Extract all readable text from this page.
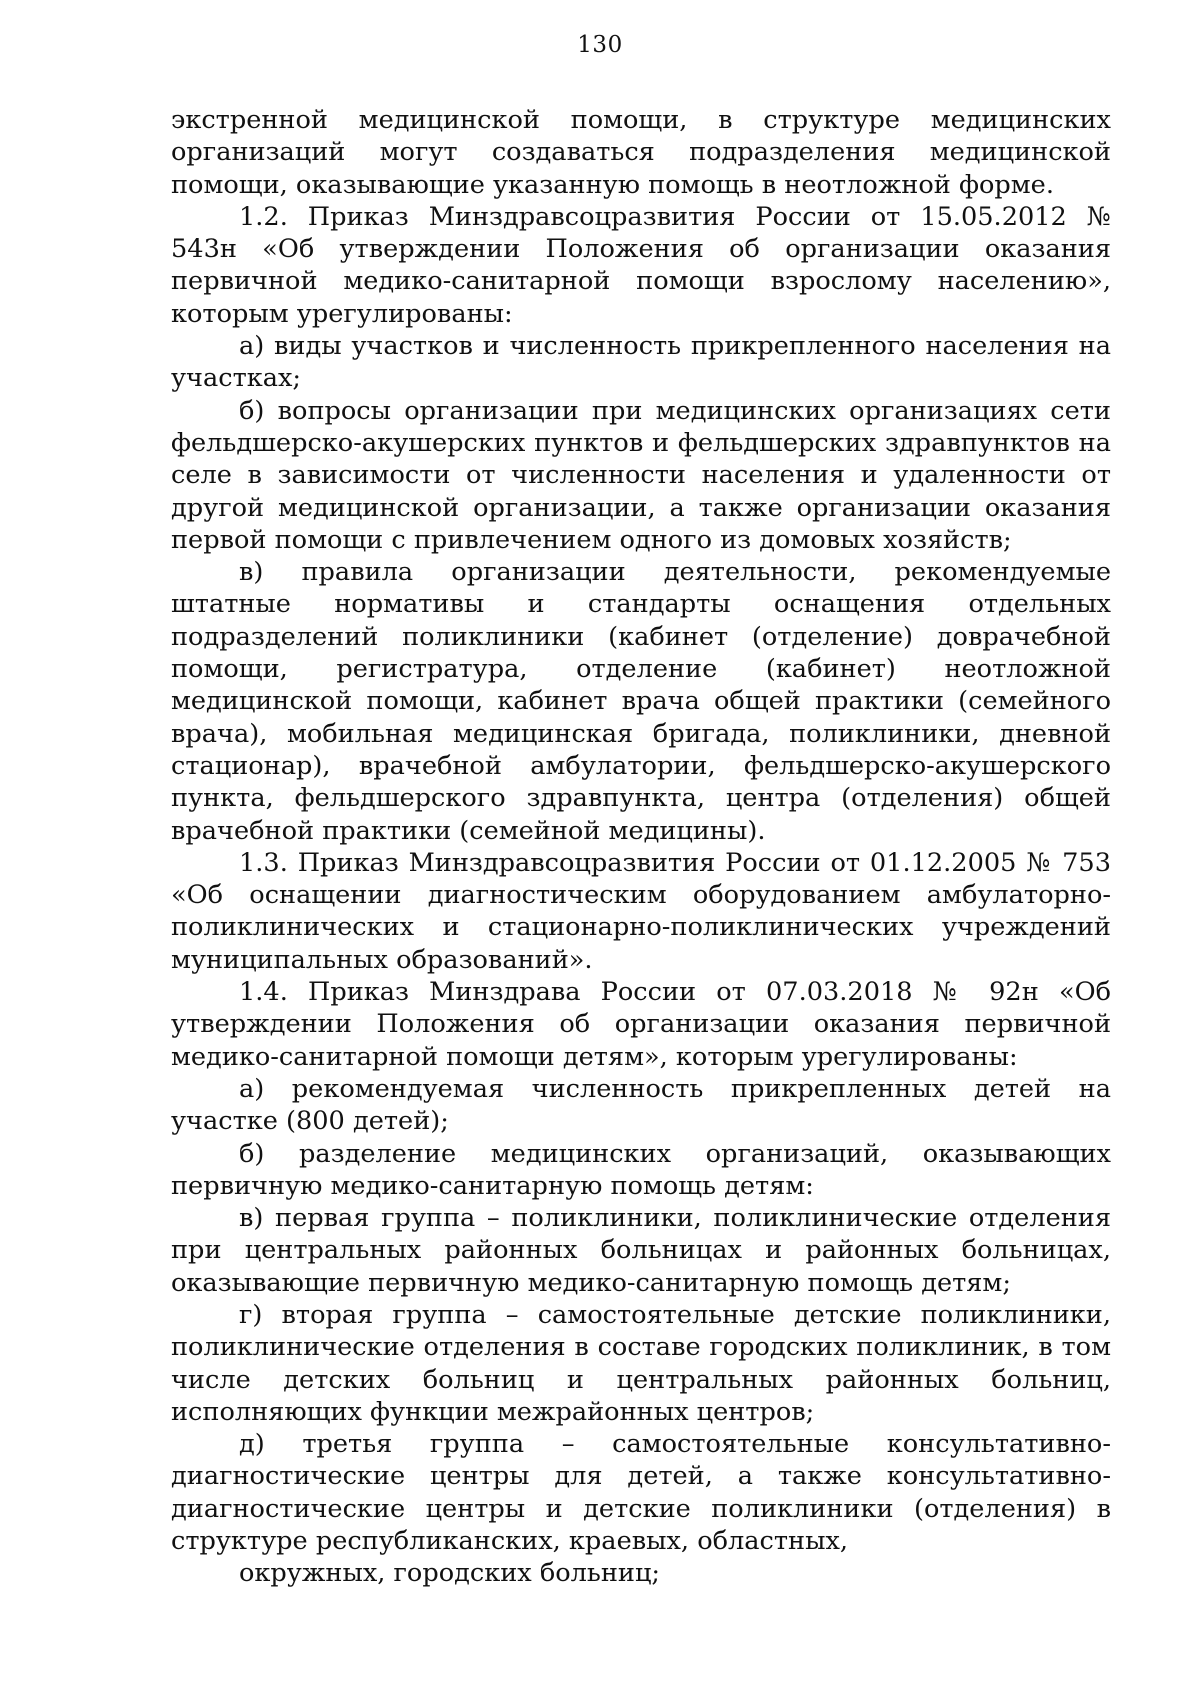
130

экстренной медицинской помощи, в структуре медицинских организаций могут создаваться подразделения медицинской помощи, оказывающие указанную помощь в неотложной форме.

1.2. Приказ Минздравсоцразвития России от 15.05.2012 № 543н «Об утверждении Положения об организации оказания первичной медико-санитарной помощи взрослому населению», которым урегулированы:

а) виды участков и численность прикрепленного населения на участках;

б) вопросы организации при медицинских организациях сети фельдшерско-акушерских пунктов и фельдшерских здравпунктов на селе в зависимости от численности населения и удаленности от другой медицинской организации, а также организации оказания первой помощи с привлечением одного из домовых хозяйств;

в) правила организации деятельности, рекомендуемые штатные нормативы и стандарты оснащения отдельных подразделений поликлиники (кабинет (отделение) доврачебной помощи, регистратура, отделение (кабинет) неотложной медицинской помощи, кабинет врача общей практики (семейного врача), мобильная медицинская бригада, поликлиники, дневной стационар), врачебной амбулатории, фельдшерско-акушерского пункта, фельдшерского здравпункта, центра (отделения) общей врачебной практики (семейной медицины).

1.3. Приказ Минздравсоцразвития России от 01.12.2005 № 753 «Об оснащении диагностическим оборудованием амбулаторно-поликлинических и стационарно-поликлинических учреждений муниципальных образований».

1.4. Приказ Минздрава России от 07.03.2018 № 92н «Об утверждении Положения об организации оказания первичной медико-санитарной помощи детям», которым урегулированы:

а) рекомендуемая численность прикрепленных детей на участке (800 детей);

б) разделение медицинских организаций, оказывающих первичную медико-санитарную помощь детям:

в) первая группа – поликлиники, поликлинические отделения при центральных районных больницах и районных больницах, оказывающие первичную медико-санитарную помощь детям;

г) вторая группа – самостоятельные детские поликлиники, поликлинические отделения в составе городских поликлиник, в том числе детских больниц и центральных районных больниц, исполняющих функции межрайонных центров;

д) третья группа – самостоятельные консультативно-диагностические центры для детей, а также консультативно-диагностические центры и детские поликлиники (отделения) в структуре республиканских, краевых, областных,

окружных, городских больниц;
